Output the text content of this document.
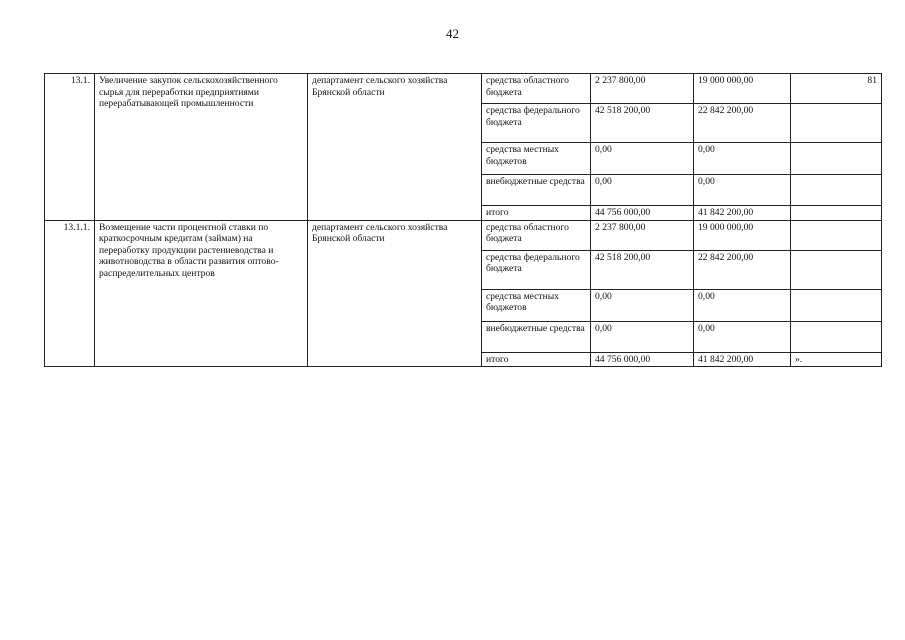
42
13.1.	Увеличение закупок сельскохозяйственного сырья для переработки предприятиями перерабатывающей промышленности	департамент сельского хозяйства Брянской области	средства областного бюджета	2 237 800,00	19 000 000,00	81
			средства федерального бюджета	42 518 200,00	22 842 200,00	
			средства местных бюджетов	0,00	0,00	
			внебюджетные средства	0,00	0,00	
			итого	44 756 000,00	41 842 200,00	
13.1.1.	Возмещение части процентной ставки по краткосрочным кредитам (займам) на переработку продукции растениеводства и животноводства в области развития оптово-распределительных центров	департамент сельского хозяйства Брянской области	средства областного бюджета	2 237 800,00	19 000 000,00	
			средства федерального бюджета	42 518 200,00	22 842 200,00	
			средства местных бюджетов	0,00	0,00	
			внебюджетные средства	0,00	0,00	
			итого	44 756 000,00	41 842 200,00	».
